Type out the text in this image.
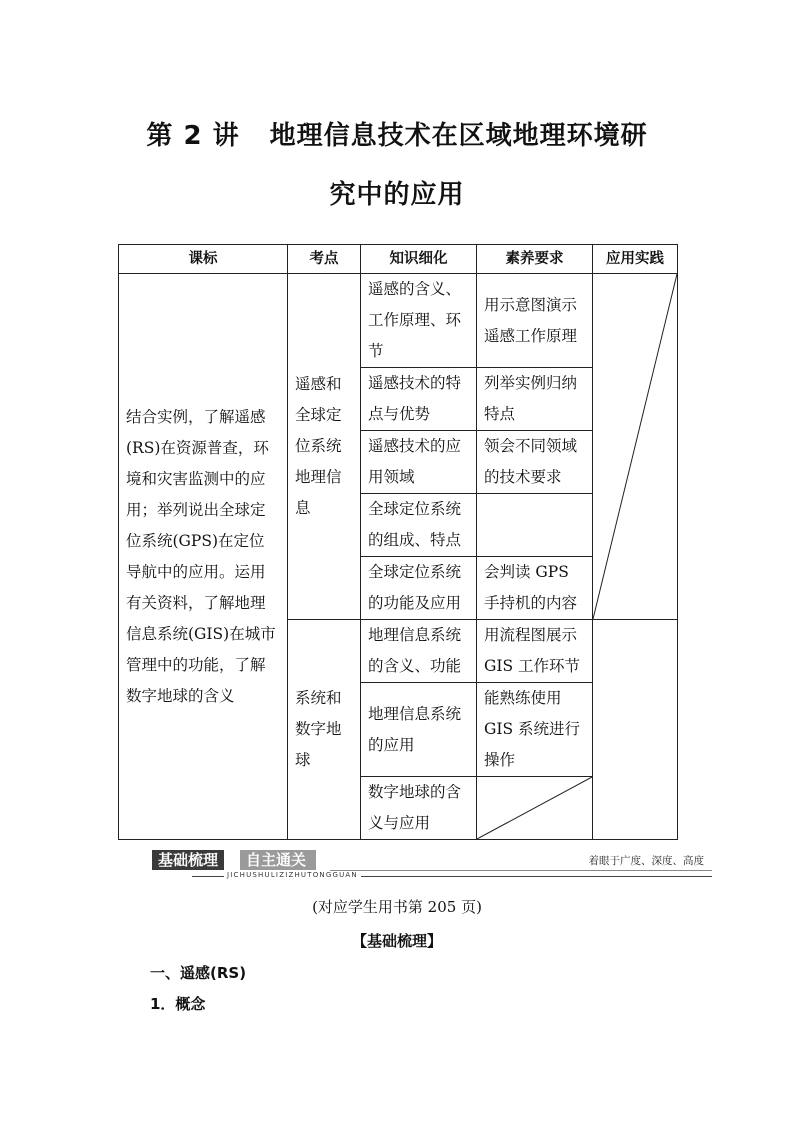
第 2 讲 地理信息技术在区域地理环境研
究中的应用
课标	考点	知识细化	素养要求	应用实践
结合实例，了解遥感(RS)在资源普查，环境和灾害监测中的应用；举列说出全球定位系统(GPS)在定位导航中的应用。运用有关资料，了解地理信息系统(GIS)在城市管理中的功能，了解数字地球的含义	遥感和全球定位系统地理信息	遥感的含义、工作原理、环节	用示意图演示遥感工作原理	

		遥感技术的特点与优势	列举实例归纳特点	
		遥感技术的应用领域	领会不同领域的技术要求	
		全球定位系统的组成、特点		
		全球定位系统的功能及应用	会判读 GPS 手持机的内容	
	系统和数字地球	地理信息系统的含义、功能	用流程图展示 GIS 工作环节	
		地理信息系统的应用	能熟练使用 GIS 系统进行操作	
		数字地球的含义与应用	
基础梳理	自主通关
JICHUSHULIZIZHUTONGGUAN
着眼于广度、深度、高度
(对应学生用书第 205 页)
【基础梳理】
一、遥感(RS)
1．概念
